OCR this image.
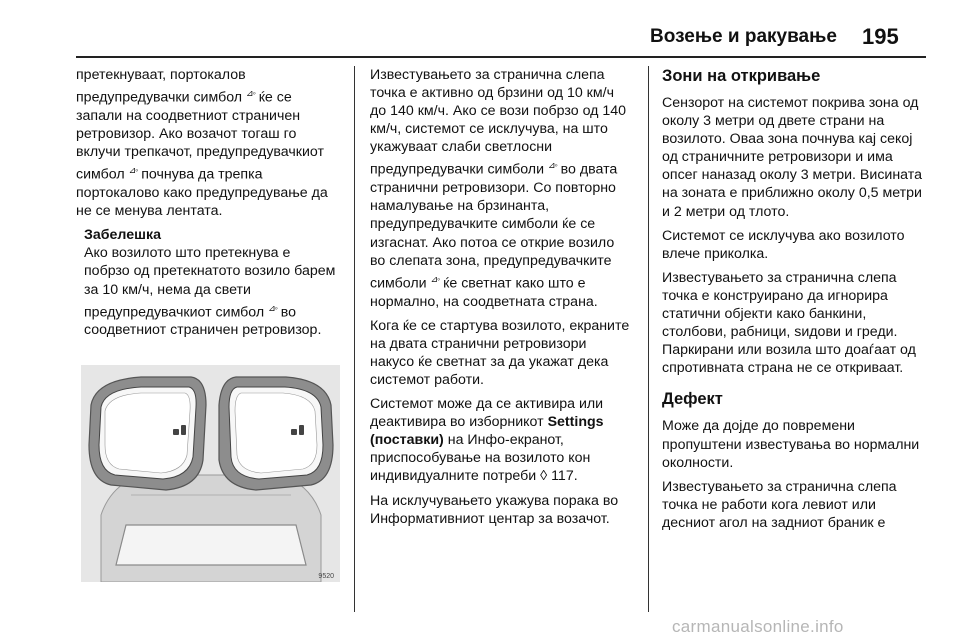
Возење и ракување 195

претекнуваат, портокалов предупредувачки симбол ⊿◦ ќе се запали на соодветниот страничен ретровизор. Ако возачот тогаш го вклучи трепкачот, предупредувачкиот симбол ⊿◦ почнува да трепка портокалово како предупредување да не се менува лентата.

Забелешка

Ако возилото што претекнува е побрзо од претекнатото возило барем за 10 км/ч, нема да свети предупредувачкиот симбол ⊿◦ во соодветниот страничен ретровизор.

9520

Известувањето за странична слепа точка е активно од брзини од 10 км/ч до 140 км/ч. Ако се вози побрзо од 140 км/ч, системот се исклучува, на што укажуваат слаби светлосни предупредувачки симболи ⊿◦ во двата странични ретровизори. Со повторно намалување на брзинанта, предупредувачките симболи ќе се изгаснат. Ако потоа се открие возило во слепата зона, предупредувачките симболи ⊿◦ ќе светнат како што е нормално, на соодветната страна.

Кога ќе се стартува возилото, екраните на двата странични ретровизори накусо ќе светнат за да укажат дека системот работи.

Системот може да се активира или деактивира во изборникот Settings (поставки) на Инфо-екранот, приспособување на возилото кон индивидуалните потреби ◊ 117.

На исклучувањето укажува порака во Информативниот центар за возачот.

Зони на откривање

Сензорот на системот покрива зона од околу 3 метри од двете страни на возилото. Оваа зона почнува кај секој од страничните ретровизори и има опсег наназад околу 3 метри. Висината на зоната е приближно околу 0,5 метри и 2 метри од тлото.

Системот се исклучува ако возилото влече приколка.

Известувањето за странична слепа точка е конструирано да игнорира статични објекти како банкини, столбови, рабници, ѕидови и греди. Паркирани или возила што доаѓаат од спротивната страна не се откриваат.

Дефект

Може да дојде до повремени пропуштени известувања во нормални околности.

Известувањето за странична слепа точка не работи кога левиот или десниот агол на задниот браник е

carmanualsonline.info
